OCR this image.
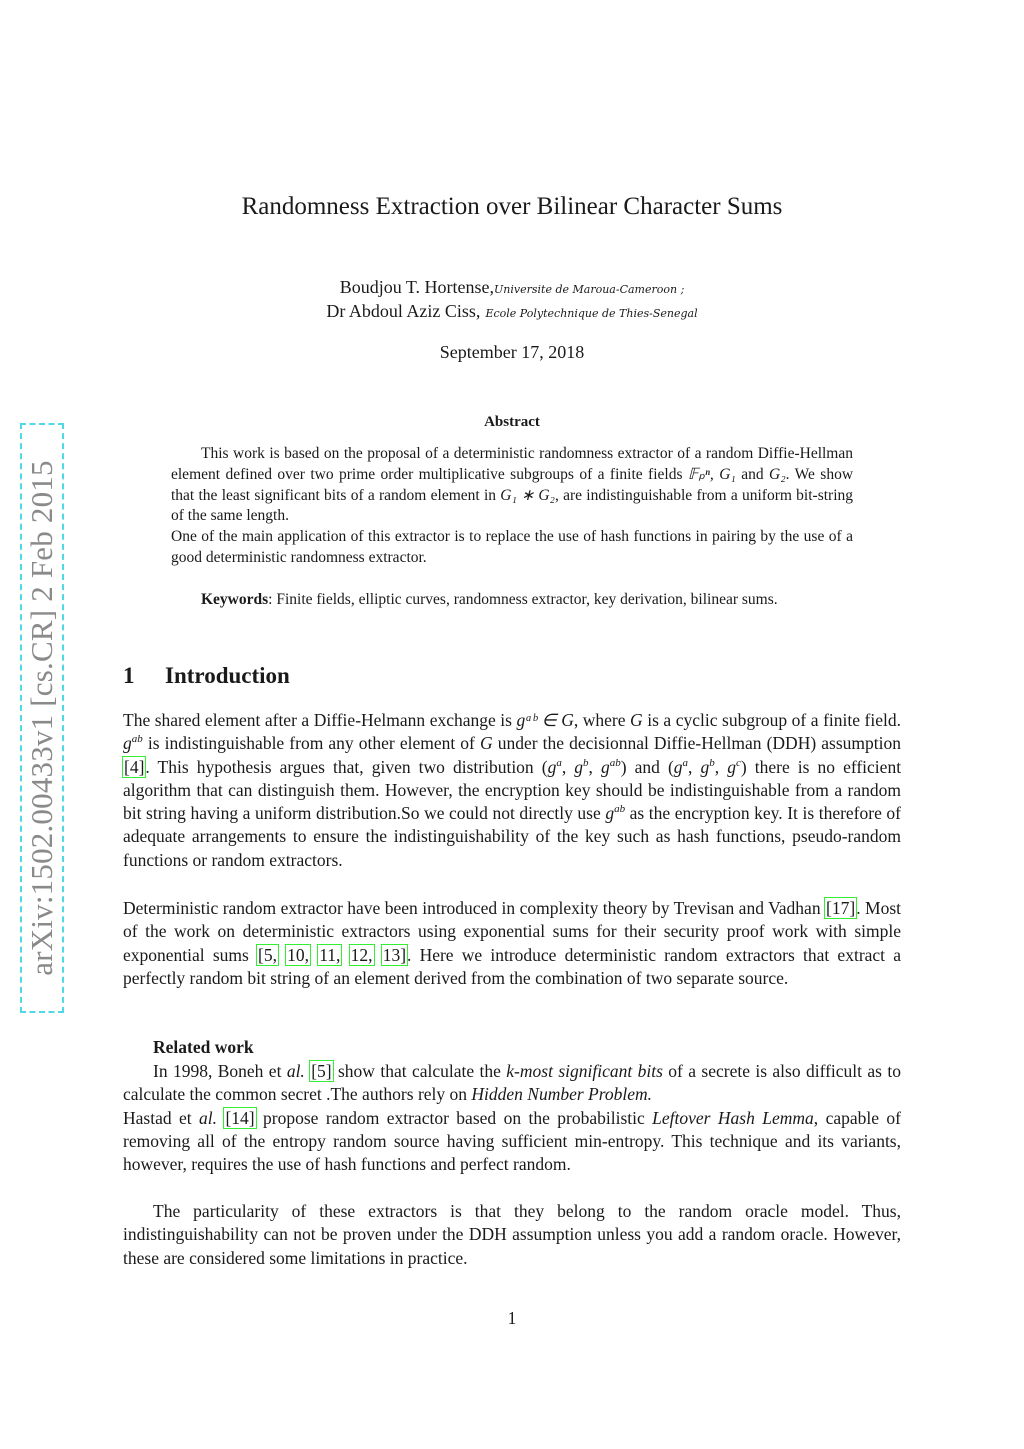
arXiv:1502.00433v1 [cs.CR] 2 Feb 2015
Randomness Extraction over Bilinear Character Sums
Boudjou T. Hortense,Universite de Maroua-Cameroon ;
Dr Abdoul Aziz Ciss, Ecole Polytechnique de Thies-Senegal
September 17, 2018
Abstract
This work is based on the proposal of a deterministic randomness extractor of a random Diffie-Hellman element defined over two prime order multiplicative subgroups of a finite fields 𝔽ₚⁿ, G₁ and G₂. We show that the least significant bits of a random element in G₁ ∗ G₂, are indistinguishable from a uniform bit-string of the same length.
One of the main application of this extractor is to replace the use of hash functions in pairing by the use of a good deterministic randomness extractor.
Keywords: Finite fields, elliptic curves, randomness extractor, key derivation, bilinear sums.
1 Introduction
The shared element after a Diffie-Helmann exchange is gᵃᵇ ∈ G, where G is a cyclic subgroup of a finite field. $g^{ab}$ is indistinguishable from any other element of G under the decisionnal Diffie-Hellman (DDH) assumption [4]. This hypothesis argues that, given two distribution ($g^a$, $g^b$, $g^{ab}$) and ($g^a$, $g^b$, $g^c$) there is no efficient algorithm that can distinguish them. However, the encryption key should be indistinguishable from a random bit string having a uniform distribution.So we could not directly use $g^{ab}$ as the encryption key. It is therefore of adequate arrangements to ensure the indistinguishability of the key such as hash functions, pseudo-random functions or random extractors.
Deterministic random extractor have been introduced in complexity theory by Trevisan and Vadhan [17]. Most of the work on deterministic extractors using exponential sums for their security proof work with simple exponential sums [5, 10, 11, 12, 13]. Here we introduce deterministic random extractors that extract a perfectly random bit string of an element derived from the combination of two separate source.
Related work
In 1998, Boneh et al. [5] show that calculate the k-most significant bits of a secrete is also difficult as to calculate the common secret .The authors rely on Hidden Number Problem.
Hastad et al. [14] propose random extractor based on the probabilistic Leftover Hash Lemma, capable of removing all of the entropy random source having sufficient min-entropy. This technique and its variants, however, requires the use of hash functions and perfect random.
The particularity of these extractors is that they belong to the random oracle model. Thus, indistinguishability can not be proven under the DDH assumption unless you add a random oracle. However, these are considered some limitations in practice.
1
